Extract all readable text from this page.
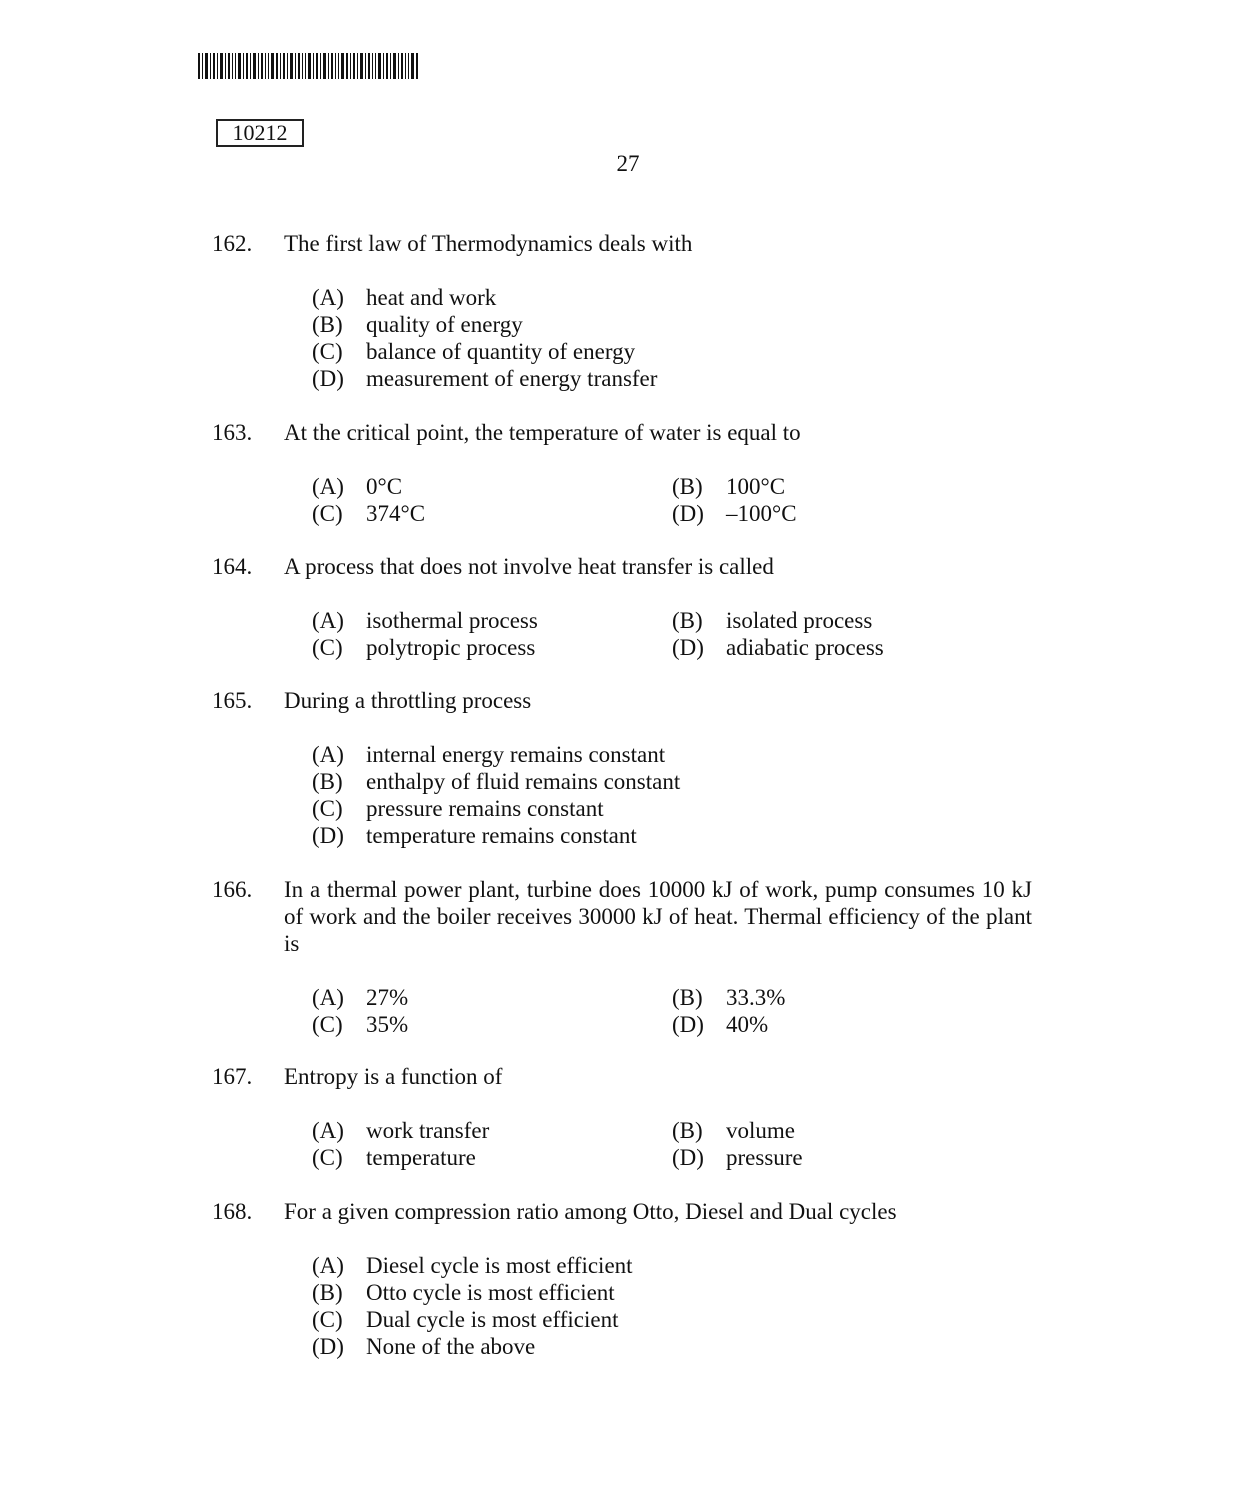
10212
27
162.	The first law of Thermodynamics deals with
(A) heat and work
(B)	quality of energy
(C)	balance of quantity of energy
(D) measurement of energy transfer
163.	At the critical point, the temperature of water is equal to
(A) 0°C	(B)	100°C
(C)	374°C	(D) –100°C
164.	A process that does not involve heat transfer is called
(A) isothermal process	(B)	isolated process
(C)	polytropic process	(D) adiabatic process
165.	During a throttling process
(A) internal energy remains constant
(B)	enthalpy of fluid remains constant
(C)	pressure remains constant
(D) temperature remains constant
166.	In a thermal power plant, turbine does 10000 kJ of work, pump consumes 10 kJ of work and the boiler receives 30000 kJ of heat. Thermal efficiency of the plant is
(A) 27%	(B)	33.3%
(C)	35%	(D) 40%
167.	Entropy is a function of
(A) work transfer	(B)	volume
(C)	temperature	(D) pressure
168.	For a given compression ratio among Otto, Diesel and Dual cycles
(A) Diesel cycle is most efficient
(B)	Otto cycle is most efficient
(C)	Dual cycle is most efficient
(D) None of the above
